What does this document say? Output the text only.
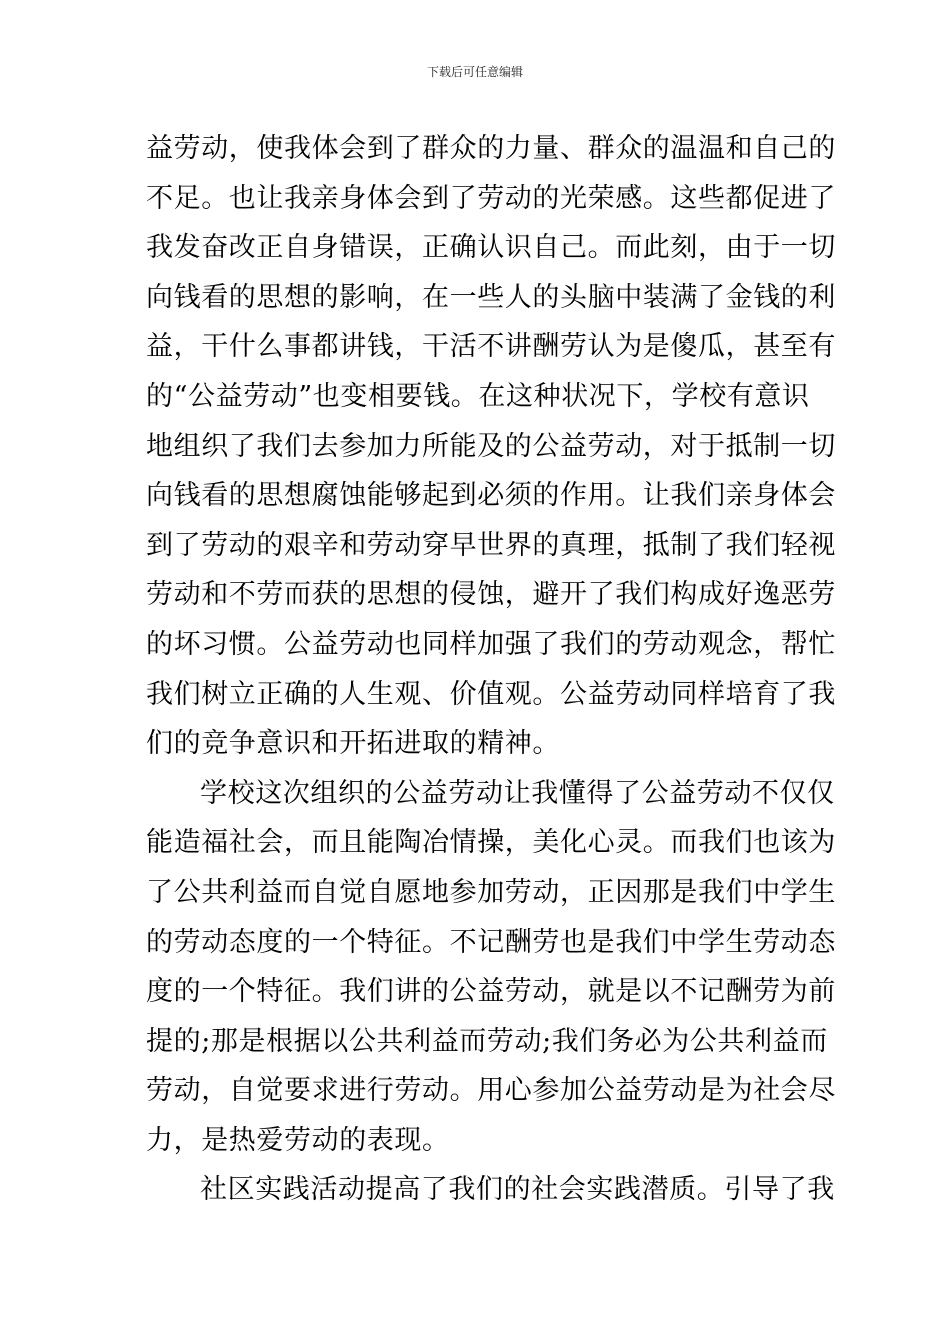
下载后可任意编辑
益劳动，使我体会到了群众的力量、群众的温温和自己的
不足。也让我亲身体会到了劳动的光荣感。这些都促进了
我发奋改正自身错误，正确认识自己。而此刻，由于一切
向钱看的思想的影响，在一些人的头脑中装满了金钱的利
益，干什么事都讲钱，干活不讲酬劳认为是傻瓜，甚至有
的“公益劳动”也变相要钱。在这种状况下，学校有意识
地组织了我们去参加力所能及的公益劳动，对于抵制一切
向钱看的思想腐蚀能够起到必须的作用。让我们亲身体会
到了劳动的艰辛和劳动穿早世界的真理，抵制了我们轻视
劳动和不劳而获的思想的侵蚀，避开了我们构成好逸恶劳
的坏习惯。公益劳动也同样加强了我们的劳动观念，帮忙
我们树立正确的人生观、价值观。公益劳动同样培育了我
们的竞争意识和开拓进取的精神。
学校这次组织的公益劳动让我懂得了公益劳动不仅仅
能造福社会，而且能陶冶情操，美化心灵。而我们也该为
了公共利益而自觉自愿地参加劳动，正因那是我们中学生
的劳动态度的一个特征。不记酬劳也是我们中学生劳动态
度的一个特征。我们讲的公益劳动，就是以不记酬劳为前
提的;那是根据以公共利益而劳动;我们务必为公共利益而
劳动，自觉要求进行劳动。用心参加公益劳动是为社会尽
力，是热爱劳动的表现。
社区实践活动提高了我们的社会实践潜质。引导了我
